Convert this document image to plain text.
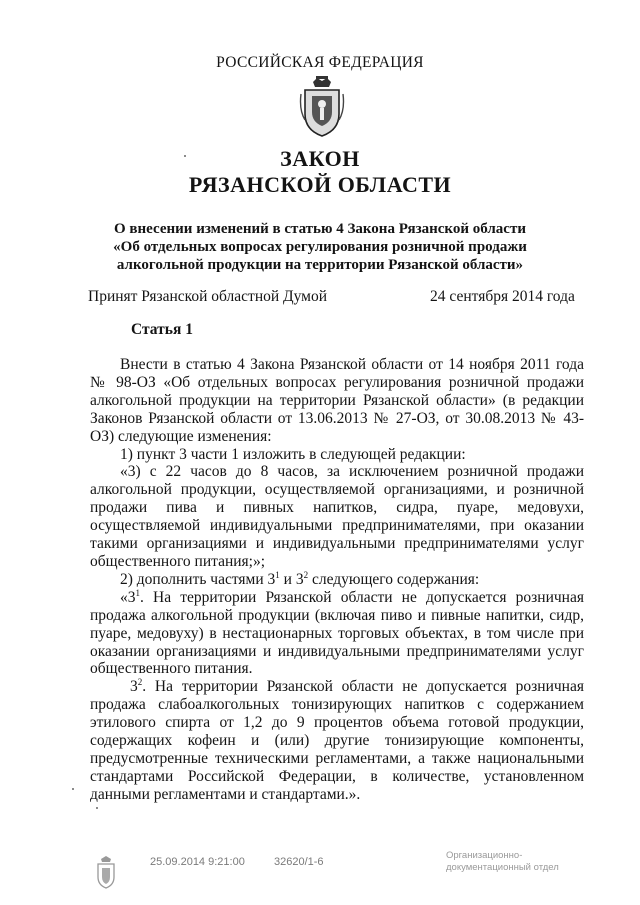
РОССИЙСКАЯ ФЕДЕРАЦИЯ
ЗАКОН
РЯЗАНСКОЙ ОБЛАСТИ
О внесении изменений в статью 4 Закона Рязанской области
«Об отдельных вопросах регулирования розничной продажи
алкогольной продукции на территории Рязанской области»
Принят Рязанской областной Думой	24 сентября 2014 года
Статья 1

Внести в статью 4 Закона Рязанской области от 14 ноября 2011 года № 98-ОЗ «Об отдельных вопросах регулирования розничной продажи алкогольной продукции на территории Рязанской области» (в редакции Законов Рязанской области от 13.06.2013 № 27-ОЗ, от 30.08.2013 № 43-ОЗ) следующие изменения:

1) пункт 3 части 1 изложить в следующей редакции:

«3) с 22 часов до 8 часов, за исключением розничной продажи алкогольной продукции, осуществляемой организациями, и розничной продажи пива и пивных напитков, сидра, пуаре, медовухи, осуществляемой индивидуальными предпринимателями, при оказании такими организациями и индивидуальными предпринимателями услуг общественного питания;»;

2) дополнить частями $3^1$ и $3^2$ следующего содержания:

«$3^1$. На территории Рязанской области не допускается розничная продажа алкогольной продукции (включая пиво и пивные напитки, сидр, пуаре, медовуху) в нестационарных торговых объектах, в том числе при оказании организациями и индивидуальными предпринимателями услуг общественного питания.

$3^2$. На территории Рязанской области не допускается розничная продажа слабоалкогольных тонизирующих напитков с содержанием этилового спирта от 1,2 до 9 процентов объема готовой продукции, содержащих кофеин и (или) другие тонизирующие компоненты, предусмотренные техническими регламентами, а также национальными стандартами Российской Федерации, в количестве, установленном данными регламентами и стандартами.».

25.09.2014 9:21:00	32620/1-6
Организационно-
документационный отдел
